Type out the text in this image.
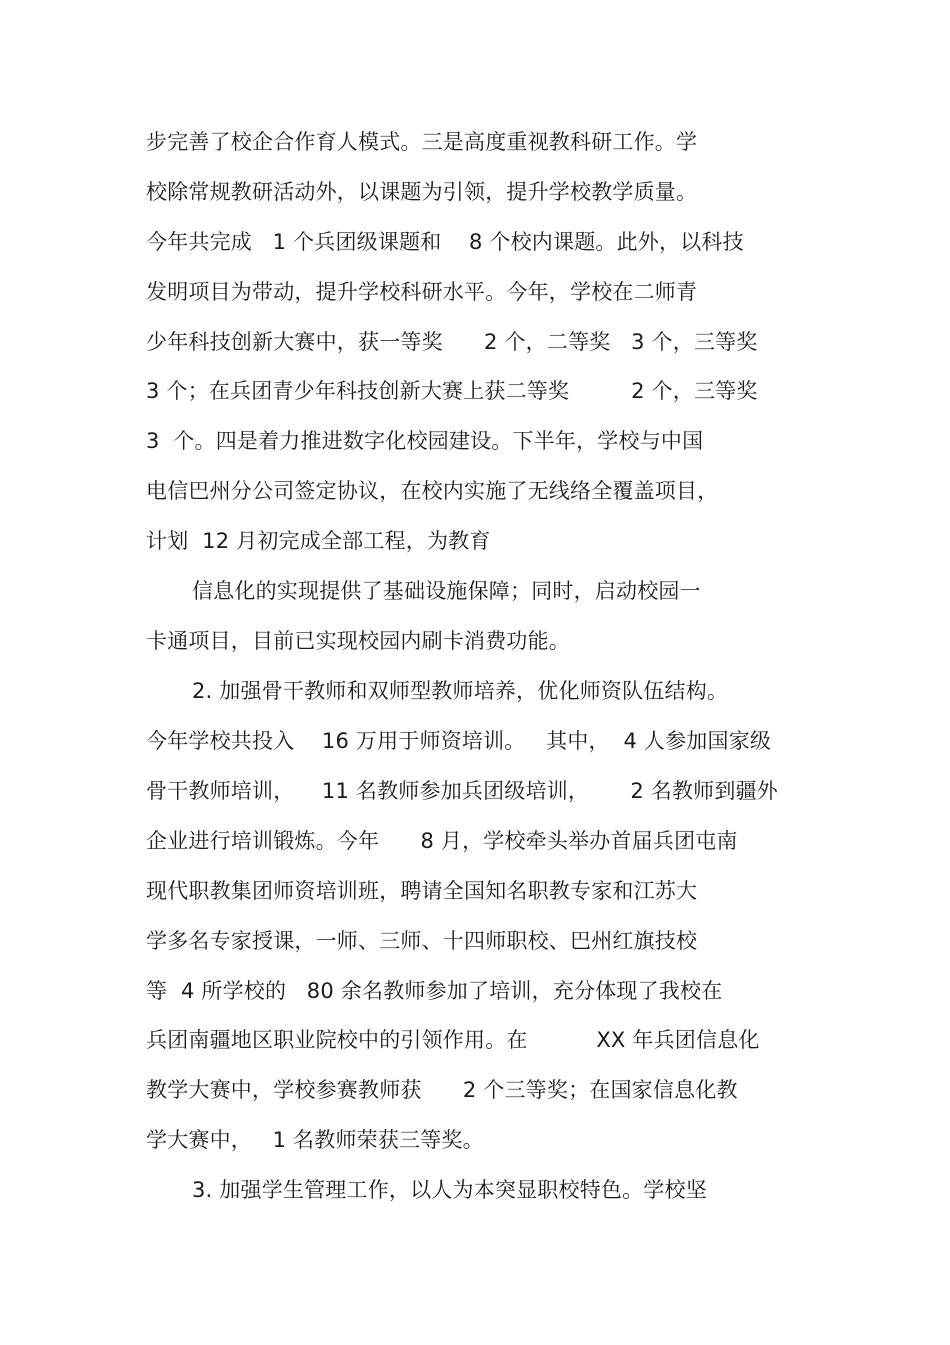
步完善了校企合作育人模式。三是高度重视教科研工作。学
校除常规教研活动外，以课题为引领，提升学校教学质量。
今年共完成   1 个兵团级课题和    8 个校内课题。此外，以科技
发明项目为带动，提升学校科研水平。今年，学校在二师青
少年科技创新大赛中，获一等奖      2 个，二等奖   3 个，三等奖
3 个；在兵团青少年科技创新大赛上获二等奖         2 个，三等奖
3  个。四是着力推进数字化校园建设。下半年，学校与中国
电信巴州分公司签定协议，在校内实施了无线络全覆盖项目，
计划  12 月初完成全部工程，为教育
信息化的实现提供了基础设施保障；同时，启动校园一
卡通项目，目前已实现校园内刷卡消费功能。
2. 加强骨干教师和双师型教师培养，优化师资队伍结构。
今年学校共投入    16 万用于师资培训。   其中，  4 人参加国家级
骨干教师培训，    11 名教师参加兵团级培训，      2 名教师到疆外
企业进行培训锻炼。今年      8 月，学校牵头举办首届兵团屯南
现代职教集团师资培训班，聘请全国知名职教专家和江苏大
学多名专家授课，一师、三师、十四师职校、巴州红旗技校
等  4 所学校的   80 余名教师参加了培训，充分体现了我校在
兵团南疆地区职业院校中的引领作用。在          XX 年兵团信息化
教学大赛中，学校参赛教师获      2 个三等奖；在国家信息化教
学大赛中，   1 名教师荣获三等奖。
3. 加强学生管理工作，以人为本突显职校特色。学校坚
